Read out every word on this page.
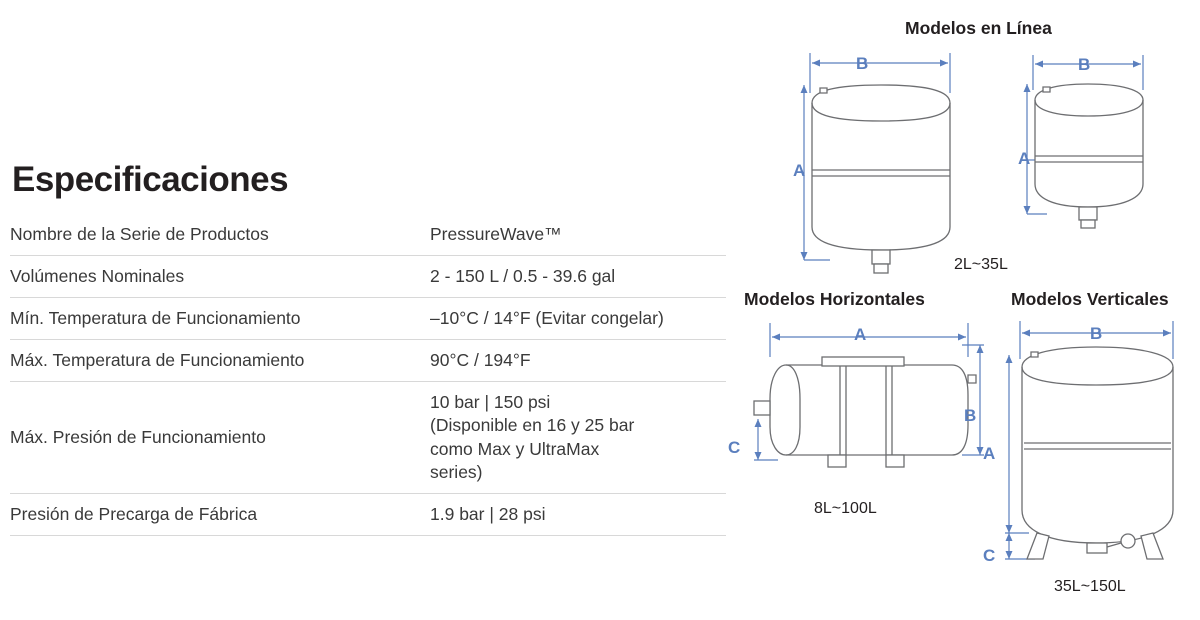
Especificaciones
Nombre de la Serie de Productos	PressureWave™

Volúmenes Nominales	2 - 150 L / 0.5 - 39.6 gal

Mín. Temperatura de Funcionamiento	–10°C / 14°F (Evitar congelar)

Máx. Temperatura de Funcionamiento	90°C / 194°F

Máx. Presión de Funcionamiento	10 bar | 150 psi
(Disponible en 16 y 25 bar
como Max y UltraMax
series)

Presión de Precarga de Fábrica	1.9 bar | 28 psi
Modelos en Línea
B
A
B
A
2L~35L
Modelos Horizontales
A
B
C
8L~100L
Modelos Verticales
B
A
C
35L~150L
